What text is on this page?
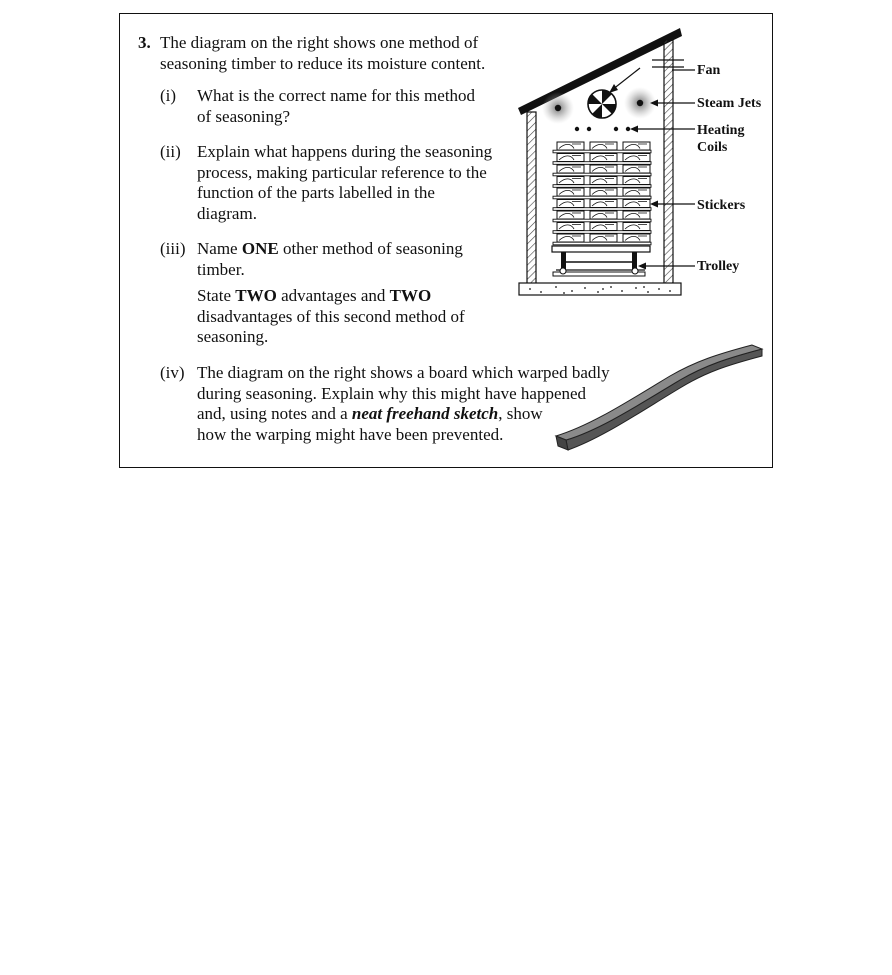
3. The diagram on the right shows one method of
seasoning timber to reduce its moisture content.
(i) What is the correct name for this method
of seasoning?
(ii) Explain what happens during the seasoning
process, making particular reference to the
function of the parts labelled in the
diagram.
(iii) Name ONE other method of seasoning
timber.
State TWO advantages and TWO
disadvantages of this second method of
seasoning.
(iv) The diagram on the right shows a board which warped badly
during seasoning. Explain why this might have happened
and, using notes and a neat freehand sketch, show
how the warping might have been prevented.
Fan
Steam Jets
Heating
Coils
Stickers
Trolley
